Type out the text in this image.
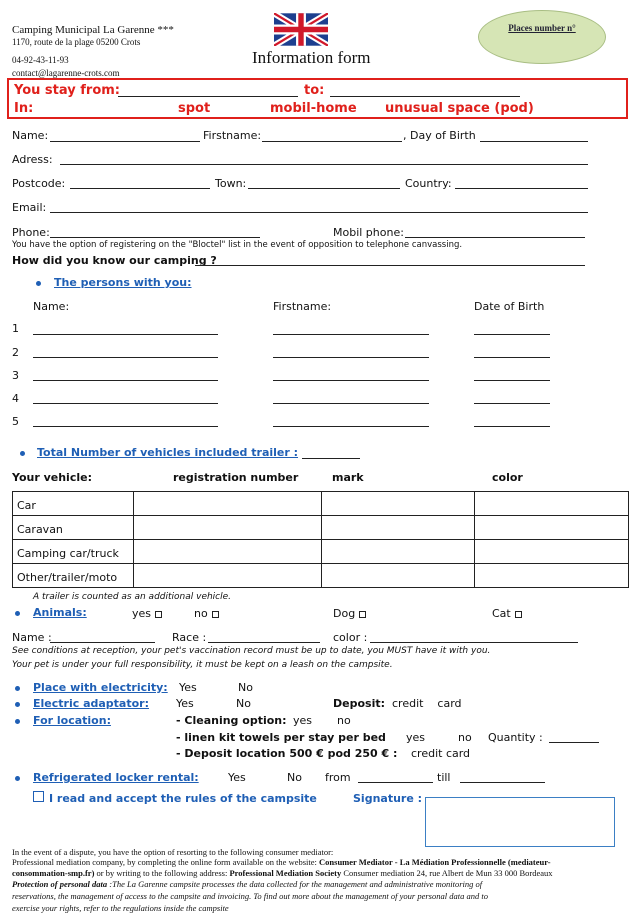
Camping Municipal La Garenne ***
1170, route de la plage 05200 Crots
04-92-43-11-93
contact@lagarenne-crots.com
Information form
Places number n°
You stay from:	to:
In:	spot	mobil-home unusual space (pod)
Name:	Firstname:	, Day of Birth
Adress:
Postcode:	Town:	Country:
Email:
Phone:	Mobil phone:
You have the option of registering on the "Bloctel" list in the event of opposition to telephone canvassing.
How did you know our camping ?
The persons with you:
Name:	Firstname:	Date of Birth
1
2
3
4
5
Total Number of vehicles included trailer :
Your vehicle:	registration number	mark	color
Car			
Caravan			
Camping car/truck			
Other/trailer/moto			
A trailer is counted as an additional vehicle.
Animals:	yes	no	Dog	Cat
Name :	Race :	color :
See conditions at reception, your pet's vaccination record must be up to date, you MUST have it with you.
Your pet is under your full responsibility, it must be kept on a leash on the campsite.
Place with electricity: Yes	No
Electric adaptator: Yes	No	Deposit: credit    card
For location:	- Cleaning option: yes no
- linen kit towels per stay per bed yes	no Quantity :
- Deposit location 500 € pod 250 € : credit card
Refrigerated locker rental:	Yes	No from	till
I read and accept the rules of the campsite	Signature :
In the event of a dispute, you have the option of resorting to the following consumer mediator:
Professional mediation company, by completing the online form available on the website: Consumer Mediator - La Médiation Professionnelle (mediateur-
consommation-smp.fr) or by writing to the following address: Professional Mediation Society Consumer mediation 24, rue Albert de Mun 33 000 Bordeaux
Protection of personal data :The La Garenne campsite processes the data collected for the management and administrative monitoring of
reservations, the management of access to the campsite and invoicing. To find out more about the management of your personal data and to
exercise your rights, refer to the regulations inside the campsite
